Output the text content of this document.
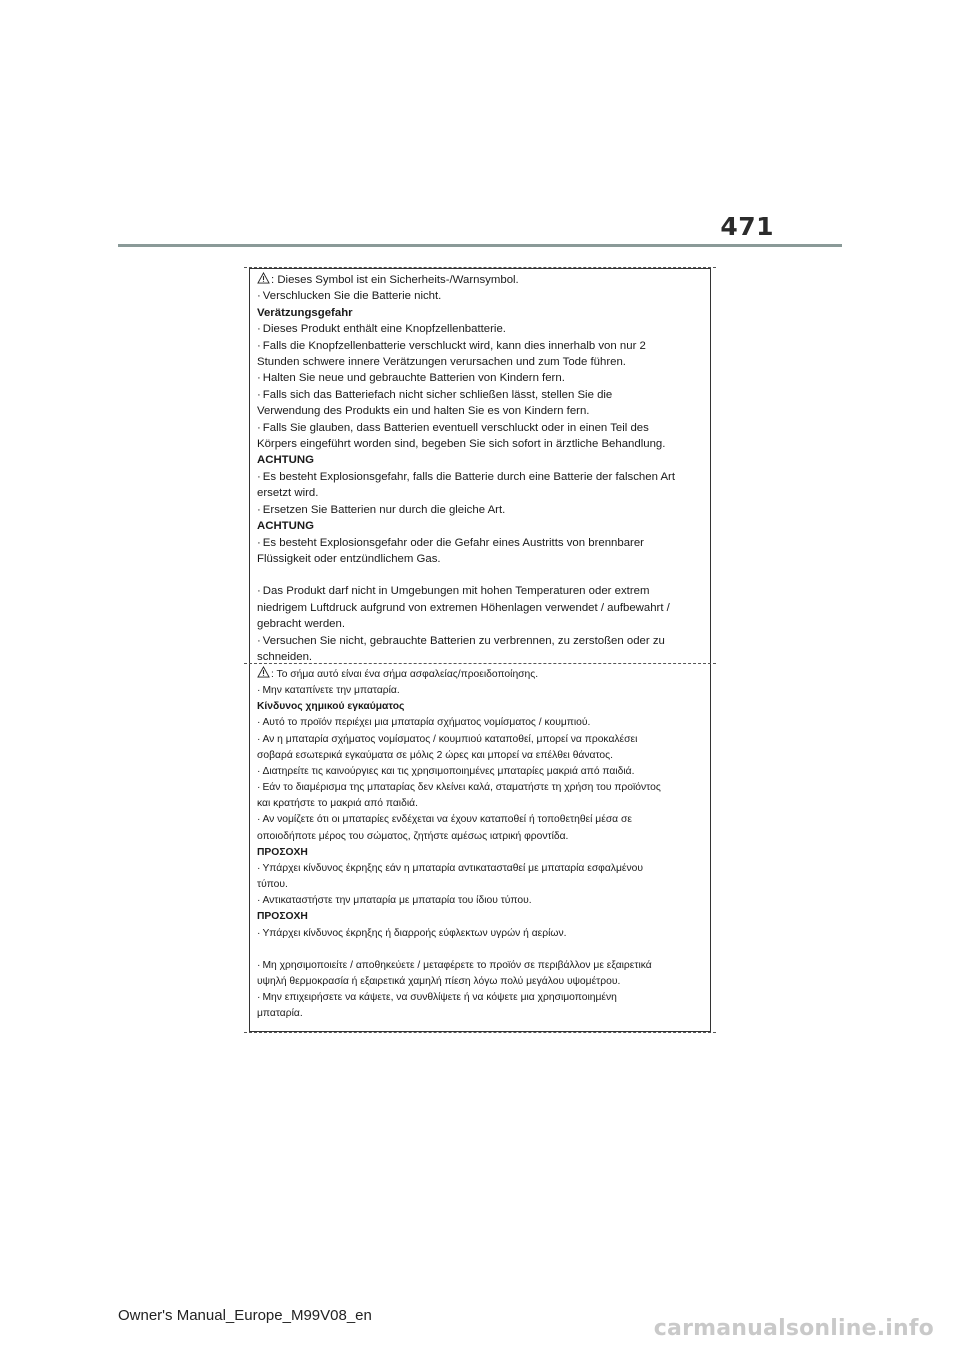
471
: Dieses Symbol ist ein Sicherheits-/Warnsymbol.
· Verschlucken Sie die Batterie nicht.
Verätzungsgefahr
· Dieses Produkt enthält eine Knopfzellenbatterie.
· Falls die Knopfzellenbatterie verschluckt wird, kann dies innerhalb von nur 2
Stunden schwere innere Verätzungen verursachen und zum Tode führen.
· Halten Sie neue und gebrauchte Batterien von Kindern fern.
· Falls sich das Batteriefach nicht sicher schließen lässt, stellen Sie die
Verwendung des Produkts ein und halten Sie es von Kindern fern.
· Falls Sie glauben, dass Batterien eventuell verschluckt oder in einen Teil des
Körpers eingeführt worden sind, begeben Sie sich sofort in ärztliche Behandlung.
ACHTUNG
· Es besteht Explosionsgefahr, falls die Batterie durch eine Batterie der falschen Art
ersetzt wird.
· Ersetzen Sie Batterien nur durch die gleiche Art.
ACHTUNG
· Es besteht Explosionsgefahr oder die Gefahr eines Austritts von brennbarer
Flüssigkeit oder entzündlichem Gas.
· Das Produkt darf nicht in Umgebungen mit hohen Temperaturen oder extrem
niedrigem Luftdruck aufgrund von extremen Höhenlagen verwendet / aufbewahrt /
gebracht werden.
· Versuchen Sie nicht, gebrauchte Batterien zu verbrennen, zu zerstoßen oder zu
schneiden.
: Το σήμα αυτό είναι ένα σήμα ασφαλείας/προειδοποίησης.
· Μην καταπίνετε την μπαταρία.
Κίνδυνος χημικού εγκαύματος
· Αυτό το προϊόν περιέχει μια μπαταρία σχήματος νομίσματος / κουμπιού.
· Αν η μπαταρία σχήματος νομίσματος / κουμπιού καταποθεί, μπορεί να προκαλέσει
σοβαρά εσωτερικά εγκαύματα σε μόλις 2 ώρες και μπορεί να επέλθει θάνατος.
· Διατηρείτε τις καινούργιες και τις χρησιμοποιημένες μπαταρίες μακριά από παιδιά.
· Εάν το διαμέρισμα της μπαταρίας δεν κλείνει καλά, σταματήστε τη χρήση του προϊόντος
και κρατήστε το μακριά από παιδιά.
· Αν νομίζετε ότι οι μπαταρίες ενδέχεται να έχουν καταποθεί ή τοποθετηθεί μέσα σε
οποιοδήποτε μέρος του σώματος, ζητήστε αμέσως ιατρική φροντίδα.
ΠΡΟΣΟΧΗ
· Υπάρχει κίνδυνος έκρηξης εάν η μπαταρία αντικατασταθεί με μπαταρία εσφαλμένου
τύπου.
· Αντικαταστήστε την μπαταρία με μπαταρία του ίδιου τύπου.
ΠΡΟΣΟΧΗ
· Υπάρχει κίνδυνος έκρηξης ή διαρροής εύφλεκτων υγρών ή αερίων.
· Μη χρησιμοποιείτε / αποθηκεύετε / μεταφέρετε το προϊόν σε περιβάλλον με εξαιρετικά
υψηλή θερμοκρασία ή εξαιρετικά χαμηλή πίεση λόγω πολύ μεγάλου υψομέτρου.
· Μην επιχειρήσετε να κάψετε, να συνθλίψετε ή να κόψετε μια χρησιμοποιημένη
μπαταρία.
Owner's Manual_Europe_M99V08_en
carmanualsonline.info
